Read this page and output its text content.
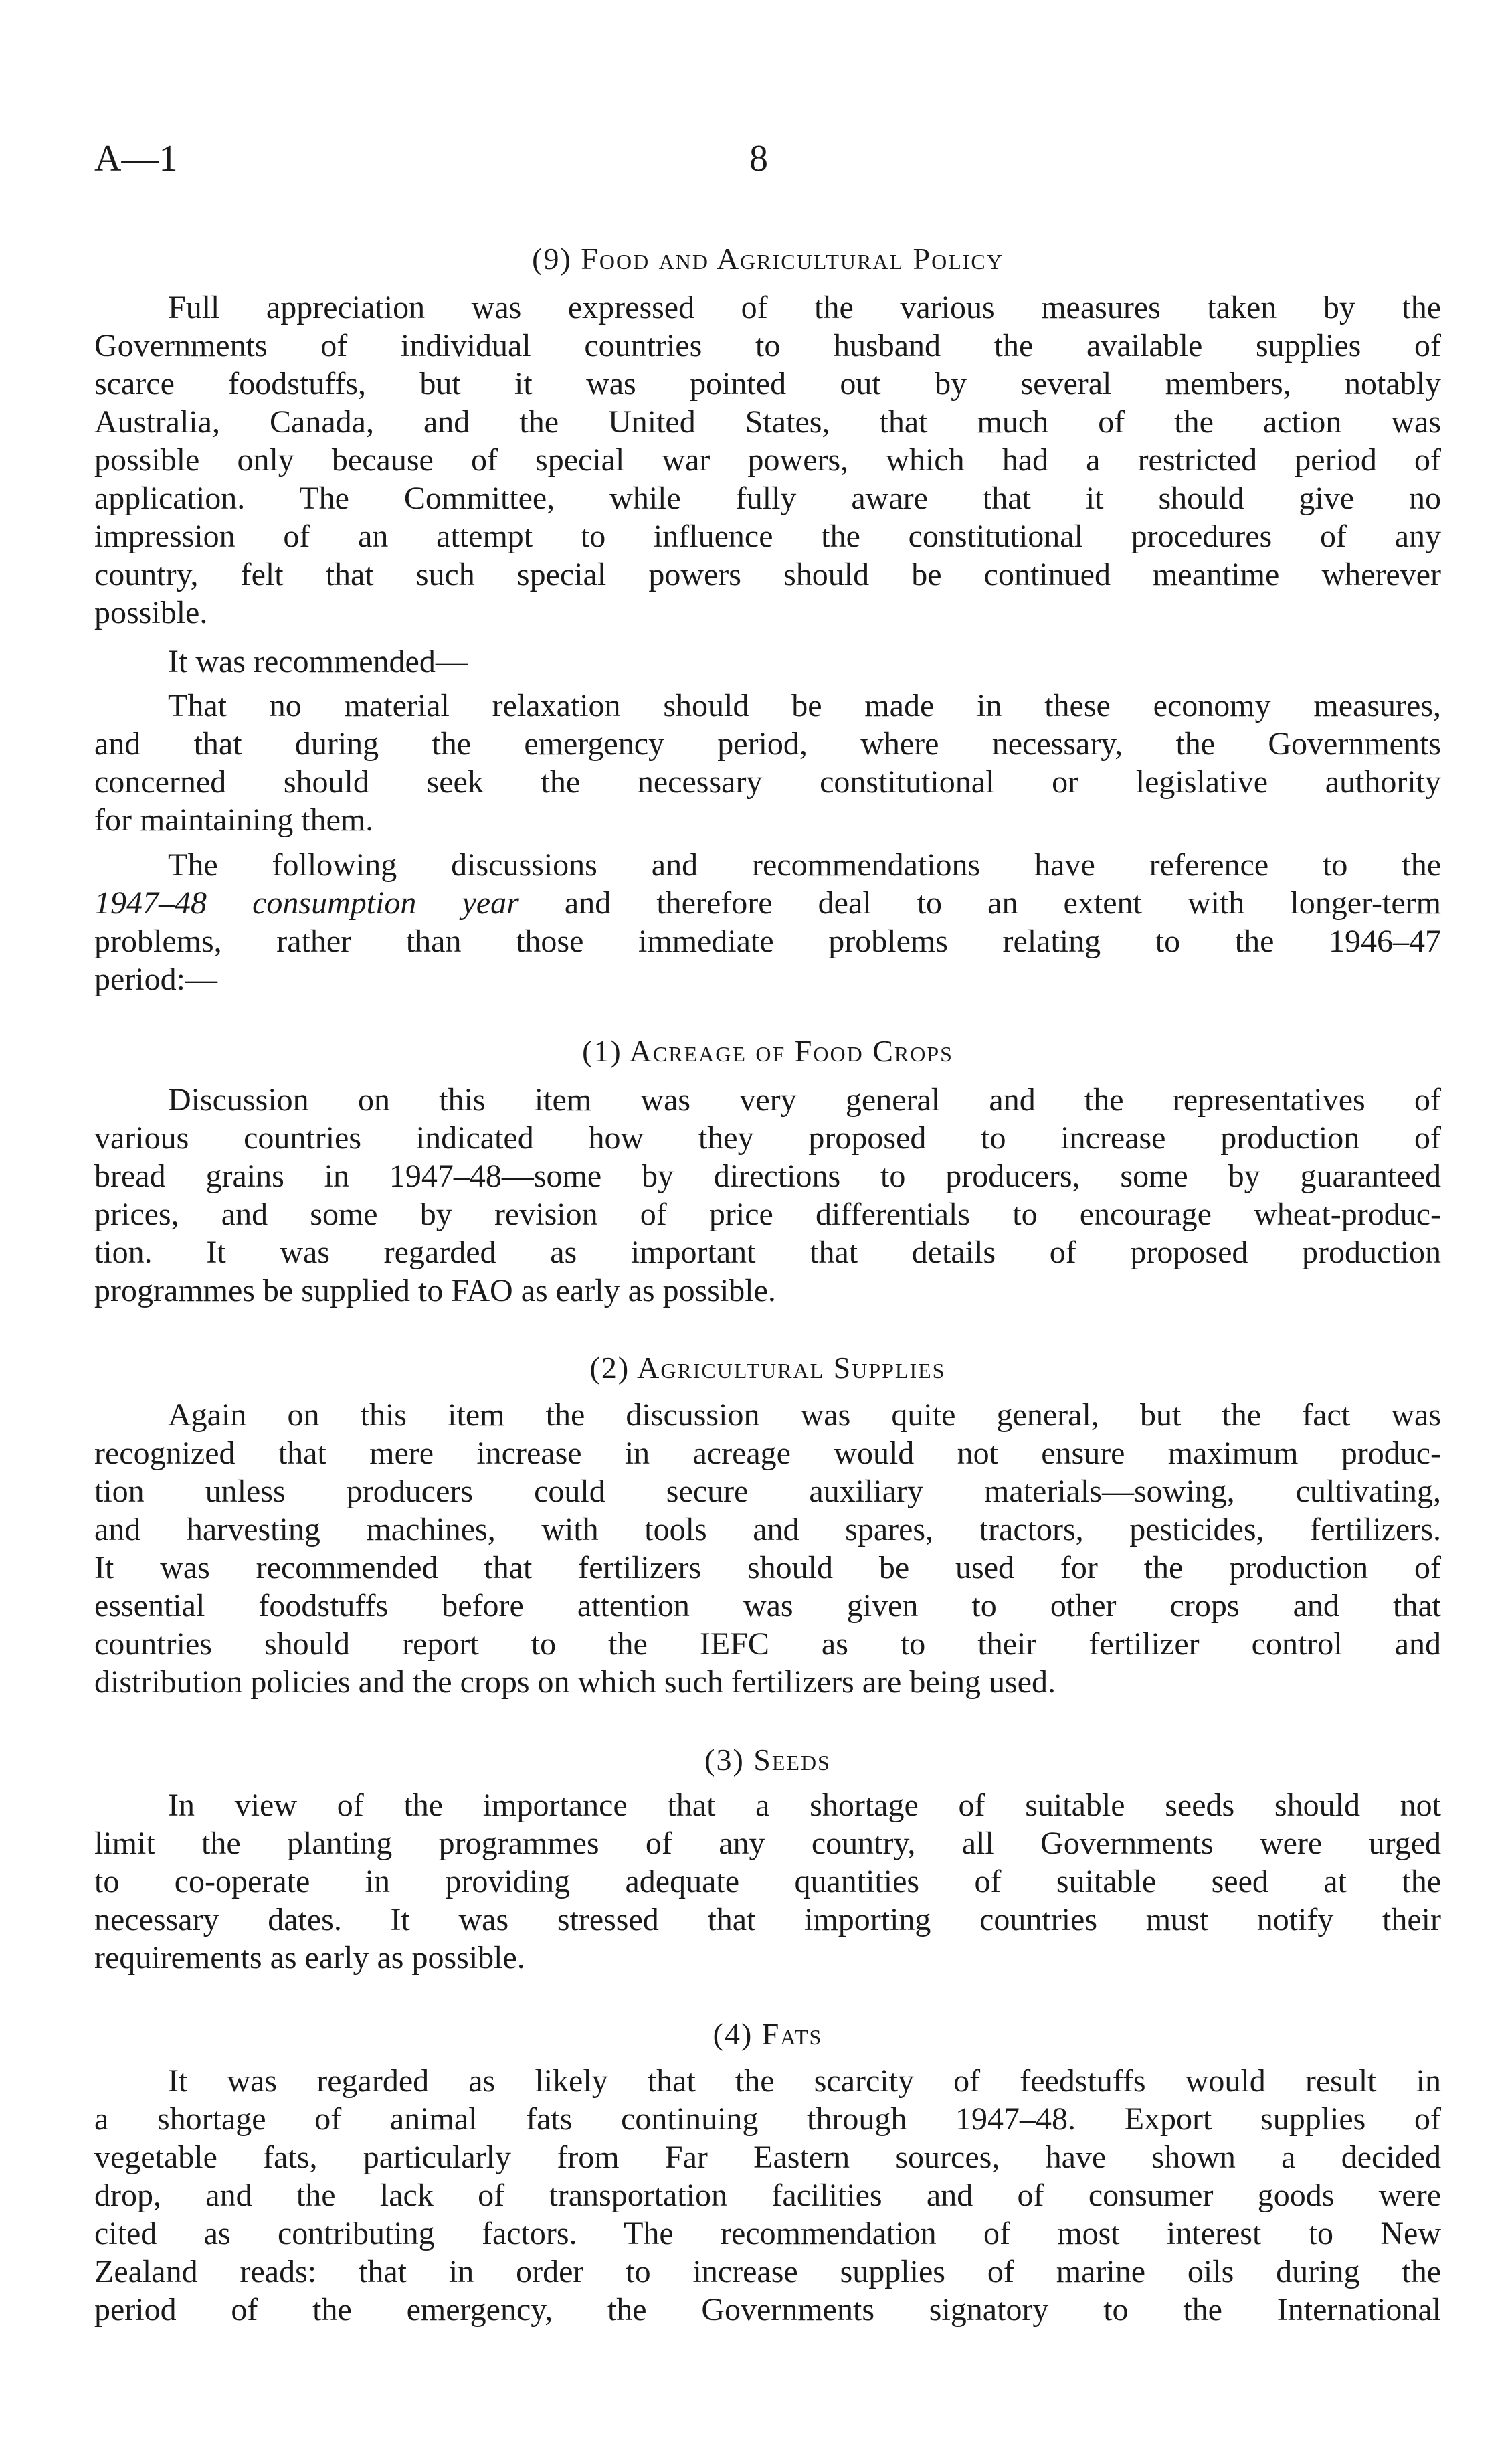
A—1	8
(9) Food and Agricultural Policy
Full appreciation was expressed of the various measures taken by the
Governments of individual countries to husband the available supplies of
scarce foodstuffs, but it was pointed out by several members, notably
Australia, Canada, and the United States, that much of the action was
possible only because of special war powers, which had a restricted period of
application. The Committee, while fully aware that it should give no
impression of an attempt to influence the constitutional procedures of any
country, felt that such special powers should be continued meantime wherever
possible.
It was recommended—
That no material relaxation should be made in these economy measures,
and that during the emergency period, where necessary, the Governments
concerned should seek the necessary constitutional or legislative authority
for maintaining them.
The following discussions and recommendations have reference to the
1947–48 consumption year and therefore deal to an extent with longer-term
problems, rather than those immediate problems relating to the 1946–47
period:—
(1) Acreage of Food Crops
Discussion on this item was very general and the representatives of
various countries indicated how they proposed to increase production of
bread grains in 1947–48—some by directions to producers, some by guaranteed
prices, and some by revision of price differentials to encourage wheat-produc-
tion. It was regarded as important that details of proposed production
programmes be supplied to FAO as early as possible.
(2) Agricultural Supplies
Again on this item the discussion was quite general, but the fact was
recognized that mere increase in acreage would not ensure maximum produc-
tion unless producers could secure auxiliary materials—sowing, cultivating,
and harvesting machines, with tools and spares, tractors, pesticides, fertilizers.
It was recommended that fertilizers should be used for the production of
essential foodstuffs before attention was given to other crops and that
countries should report to the IEFC as to their fertilizer control and
distribution policies and the crops on which such fertilizers are being used.
(3) Seeds
In view of the importance that a shortage of suitable seeds should not
limit the planting programmes of any country, all Governments were urged
to co-operate in providing adequate quantities of suitable seed at the
necessary dates. It was stressed that importing countries must notify their
requirements as early as possible.
(4) Fats
It was regarded as likely that the scarcity of feedstuffs would result in
a shortage of animal fats continuing through 1947–48. Export supplies of
vegetable fats, particularly from Far Eastern sources, have shown a decided
drop, and the lack of transportation facilities and of consumer goods were
cited as contributing factors. The recommendation of most interest to New
Zealand reads: that in order to increase supplies of marine oils during the
period of the emergency, the Governments signatory to the International
